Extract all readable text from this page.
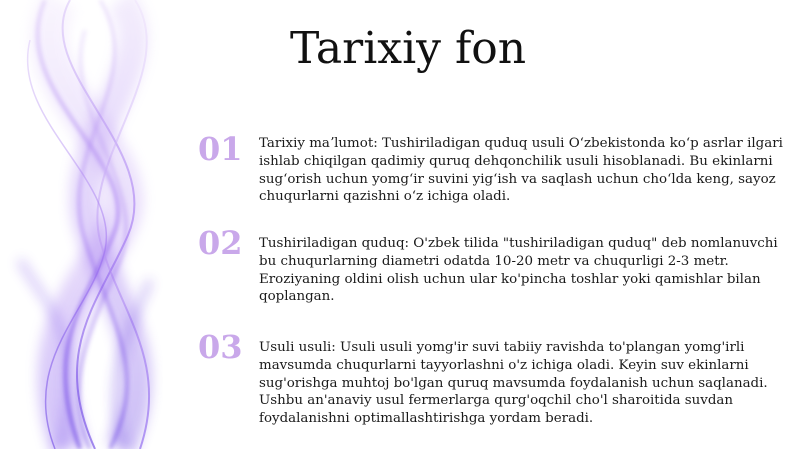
Tarixiy fon
01 Tarixiy maʼlumot: Tushiriladigan quduq usuli Oʻzbekistonda koʻp asrlar ilgari ishlab chiqilgan qadimiy quruq dehqonchilik usuli hisoblanadi. Bu ekinlarni sugʻorish uchun yomgʻir suvini yigʻish va saqlash uchun choʻlda keng, sayoz chuqurlarni qazishni oʻz ichiga oladi.

02 Tushiriladigan quduq: O'zbek tilida "tushiriladigan quduq" deb nomlanuvchi bu chuqurlarning diametri odatda 10-20 metr va chuqurligi 2-3 metr. Eroziyaning oldini olish uchun ular ko'pincha toshlar yoki qamishlar bilan qoplangan.

03 Usuli usuli: Usuli usuli yomg'ir suvi tabiiy ravishda to'plangan yomg'irli mavsumda chuqurlarni tayyorlashni o'z ichiga oladi. Keyin suv ekinlarni sug'orishga muhtoj bo'lgan quruq mavsumda foydalanish uchun saqlanadi. Ushbu an'anaviy usul fermerlarga qurg'oqchil cho'l sharoitida suvdan foydalanishni optimallashtirishga yordam beradi.
